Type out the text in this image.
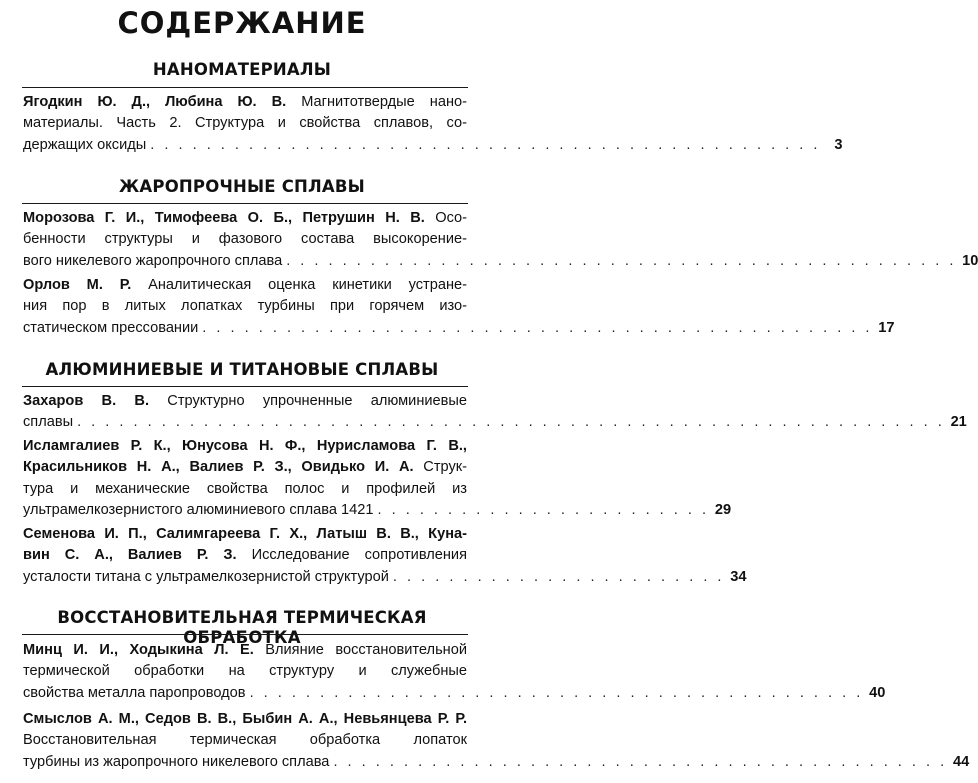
СОДЕРЖАНИЕ
НАНОМАТЕРИАЛЫ
Ягодкин Ю. Д., Любина Ю. В. Магнитотвердые нано-
материалы. Часть 2. Структура и свойства сплавов, со-
держащих оксиды . . . . . . . . . . . . . . . . . . . . . . . . . . . . . . . . . . . . . . . . . . . . . . . . 3
ЖАРОПРОЧНЫЕ СПЛАВЫ
Морозова Г. И., Тимофеева О. Б., Петрушин Н. В. Осо-
бенности структуры и фазового состава высокорение-
вого никелевого жаропрочного сплава . . . . . . . . . . . . . . . . . . . . . . . . . . . . . . . . . . . . . . . . . . . . . . . . 10
Орлов М. Р. Аналитическая оценка кинетики устране-
ния пор в литых лопатках турбины при горячем изо-
статическом прессовании . . . . . . . . . . . . . . . . . . . . . . . . . . . . . . . . . . . . . . . . . . . . . . . . 17
АЛЮМИНИЕВЫЕ И ТИТАНОВЫЕ СПЛАВЫ
Захаров В. В. Структурно упрочненные алюминиевые
сплавы . . . . . . . . . . . . . . . . . . . . . . . . . . . . . . . . . . . . . . . . . . . . . . . . . . . . . . . . . . . . . . 21
Исламгалиев Р. К., Юнусова Н. Ф., Нурисламова Г. В.,
Красильников Н. А., Валиев Р. З., Овидько И. А. Струк-
тура и механические свойства полос и профилей из
ультрамелкозернистого алюминиевого сплава 1421 . . . . . . . . . . . . . . . . . . . . . . . . 29
Семенова И. П., Салимгареева Г. Х., Латыш В. В., Куна-
вин С. А., Валиев Р. З. Исследование сопротивления
усталости титана с ультрамелкозернистой структурой . . . . . . . . . . . . . . . . . . . . . . . . 34
ВОССТАНОВИТЕЛЬНАЯ ТЕРМИЧЕСКАЯ ОБРАБОТКА
Минц И. И., Ходыкина Л. Е. Влияние восстановительной
термической обработки на структуру и служебные
свойства металла паропроводов . . . . . . . . . . . . . . . . . . . . . . . . . . . . . . . . . . . . . . . . . . . . 40
Смыслов А. М., Седов В. В., Быбин А. А., Невьянцева Р. Р.
Восстановительная термическая обработка лопаток
турбины из жаропрочного никелевого сплава . . . . . . . . . . . . . . . . . . . . . . . . . . . . . . . . . . . . . . . . . . . . 44
